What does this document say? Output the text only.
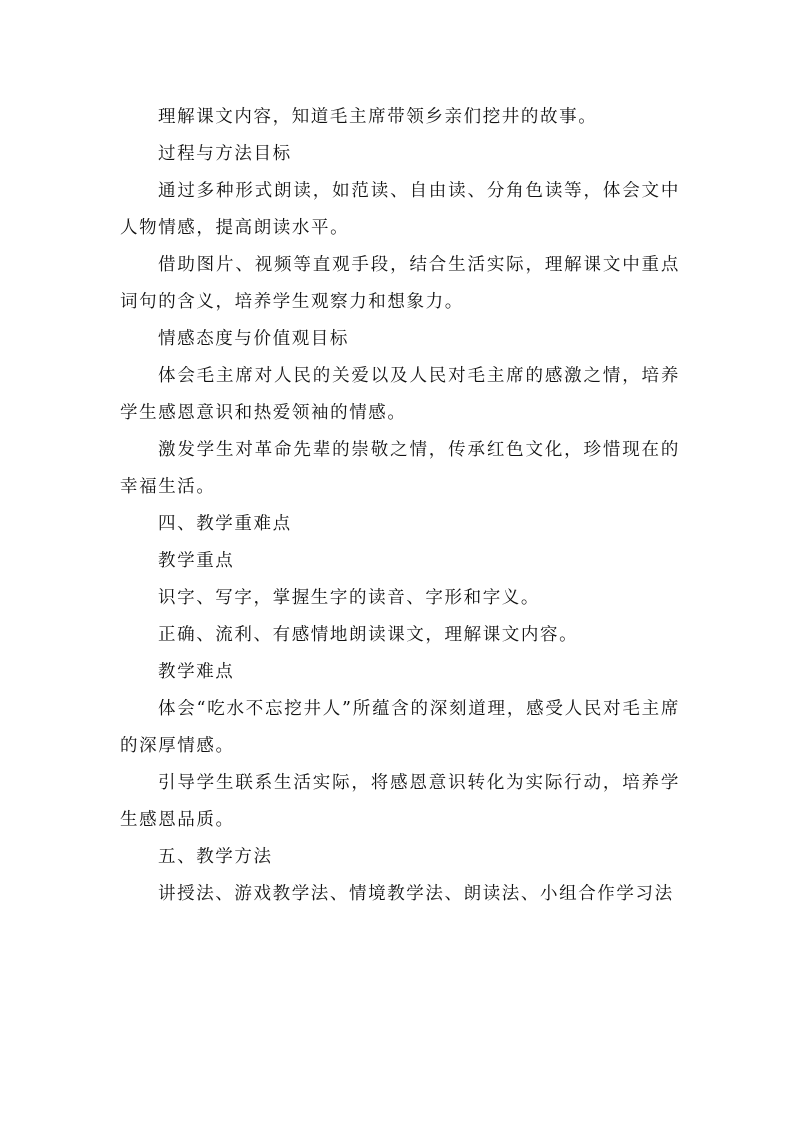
理解课文内容，知道毛主席带领乡亲们挖井的故事。

过程与方法目标

通过多种形式朗读，如范读、自由读、分角色读等，体会文中人物情感，提高朗读水平。

借助图片、视频等直观手段，结合生活实际，理解课文中重点词句的含义，培养学生观察力和想象力。

情感态度与价值观目标

体会毛主席对人民的关爱以及人民对毛主席的感激之情，培养学生感恩意识和热爱领袖的情感。

激发学生对革命先辈的崇敬之情，传承红色文化，珍惜现在的幸福生活。

四、教学重难点

教学重点

识字、写字，掌握生字的读音、字形和字义。

正确、流利、有感情地朗读课文，理解课文内容。

教学难点

体会“吃水不忘挖井人”所蕴含的深刻道理，感受人民对毛主席的深厚情感。

引导学生联系生活实际，将感恩意识转化为实际行动，培养学生感恩品质。

五、教学方法

讲授法、游戏教学法、情境教学法、朗读法、小组合作学习法
